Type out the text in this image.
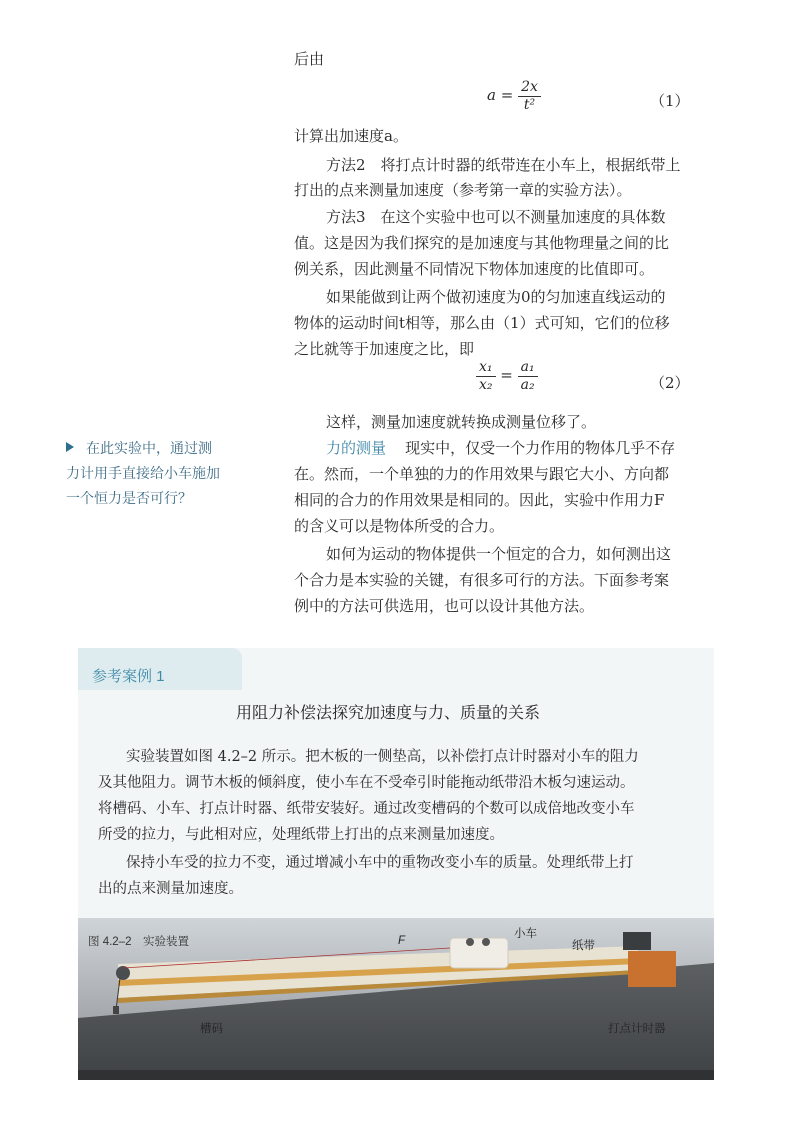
后由
$a = \frac{2x}{\text{t²}}$	（1）
计算出加速度a。
方法2　将打点计时器的纸带连在小车上，根据纸带上
打出的点来测量加速度（参考第一章的实验方法）。
方法3　在这个实验中也可以不测量加速度的具体数
值。这是因为我们探究的是加速度与其他物理量之间的比
例关系，因此测量不同情况下物体加速度的比值即可。
如果能做到让两个做初速度为0的匀加速直线运动的
物体的运动时间t相等，那么由（1）式可知，它们的位移
之比就等于加速度之比，即
$\frac{\text{x₁}}{\text{x₂}} = \frac{\text{a₁}}{\text{a₂}}$	（2）
这样，测量加速度就转换成测量位移了。
力的测量 现实中，仅受一个力作用的物体几乎不存
在。然而，一个单独的力的作用效果与跟它大小、方向都
相同的合力的作用效果是相同的。因此，实验中作用力F
的含义可以是物体所受的合力。
如何为运动的物体提供一个恒定的合力，如何测出这
个合力是本实验的关键，有很多可行的方法。下面参考案
例中的方法可供选用，也可以设计其他方法。
在此实验中，通过测
力计用手直接给小车施加
一个恒力是否可行？
参考案例 1
用阻力补偿法探究加速度与力、质量的关系
实验装置如图 4.2–2 所示。把木板的一侧垫高，以补偿打点计时器对小车的阻力
及其他阻力。调节木板的倾斜度，使小车在不受牵引时能拖动纸带沿木板匀速运动。
将槽码、小车、打点计时器、纸带安装好。通过改变槽码的个数可以成倍地改变小车
所受的拉力，与此相对应，处理纸带上打出的点来测量加速度。
保持小车受的拉力不变，通过增减小车中的重物改变小车的质量。处理纸带上打
出的点来测量加速度。
图 4.2–2　实验装置	F
小车
纸带
槽码	打点计时器
